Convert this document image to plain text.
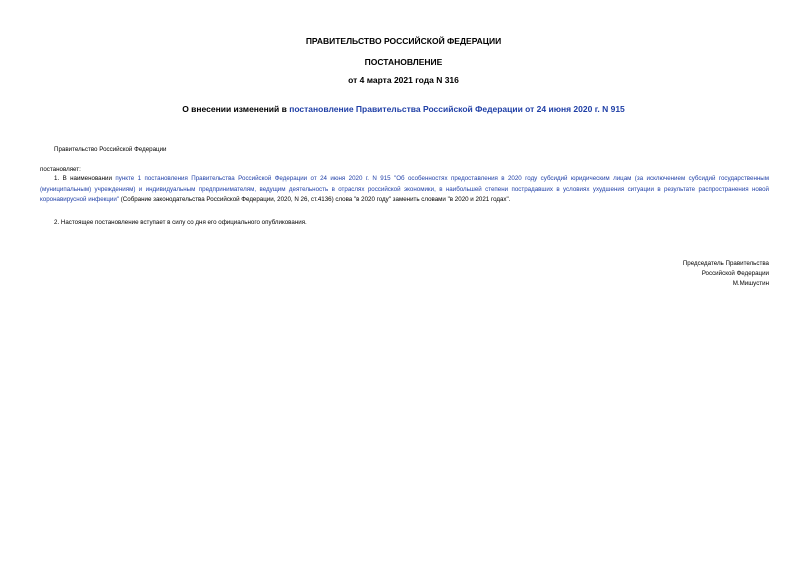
ПРАВИТЕЛЬСТВО РОССИЙСКОЙ ФЕДЕРАЦИИ
ПОСТАНОВЛЕНИЕ
от 4 марта 2021 года N 316
О внесении изменений в постановление Правительства Российской Федерации от 24 июня 2020 г. N 915
Правительство Российской Федерации
постановляет:
1. В наименовании пункте 1 постановления Правительства Российской Федерации от 24 июня 2020 г. N 915 "Об особенностях предоставления в 2020 году субсидий юридическим лицам (за исключением субсидий государственным (муниципальным) учреждениям) и индивидуальным предпринимателям, ведущим деятельность в отраслях российской экономики, в наибольшей степени пострадавших в условиях ухудшения ситуации в результате распространения новой коронавирусной инфекции" (Собрание законодательства Российской Федерации, 2020, N 26, ст.4136) слова "в 2020 году" заменить словами "в 2020 и 2021 годах".
2. Настоящее постановление вступает в силу со дня его официального опубликования.
Председатель Правительства
Российской Федерации
М.Мишустин
